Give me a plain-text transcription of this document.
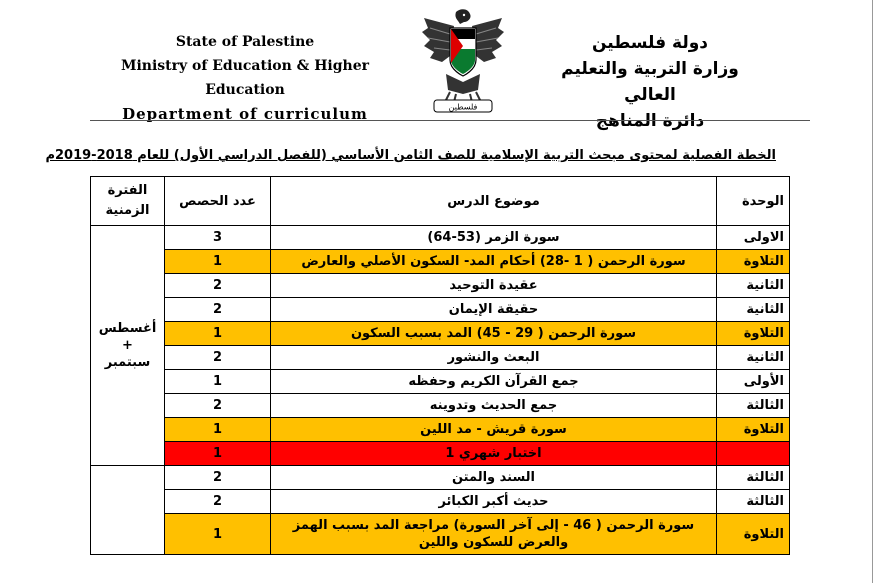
State of Palestine
Ministry of Education & Higher Education
Department of curriculum	فلسطين
دولة فلسطين
وزارة التربية والتعليم العالي
دائرة المناهج
الخطة الفصلية لمحتوى مبحث التربية الإسلامية للصف الثامن الأساسي (للفصل الدراسي الأول) للعام 2018-2019م
الوحدة	موضوع الدرس	عدد الحصص	الفترة الزمنية
الاولى	سورة الزمر (53-64)	3	أغسطس
+
سبتمبر

التلاوة	سورة الرحمن ( 1 -28) أحكام المد- السكون الأصلي والعارض	1	
الثانية	عقيدة التوحيد	2	
الثانية	حقيقة الإيمان	2	
التلاوة	سورة الرحمن ( 29 - 45) المد بسبب السكون	1	
الثانية	البعث والنشور	2	
الأولى	جمع القرآن الكريم وحفظه	1	
الثالثة	جمع الحديث وتدوينه	2	
التلاوة	سورة قريش - مد اللين	1	
	اختبار شهري 1	1	
الثالثة	السند والمتن	2	
الثالثة	حديث أكبر الكبائر	2	
التلاوة	سورة الرحمن ( 46 - إلى آخر السورة) مراجعة المد بسبب الهمز والعرض للسكون واللين	1	
